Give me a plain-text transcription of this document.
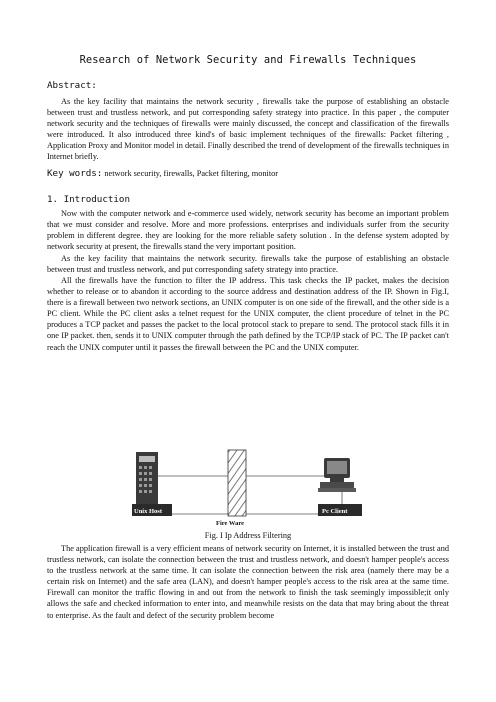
Research of Network Security and Firewalls Techniques
Abstract:

As the key facility that maintains the network security , firewalls take the purpose of establishing an obstacle between trust and trustless network, and put corresponding safety strategy into practice. In this paper , the computer network security and the techniques of firewalls were mainly discussed, the concept and classification of the firewalls were introduced. It also introduced three kind's of basic implement techniques of the firewalls: Packet filtering , Application Proxy and Monitor model in detail. Finally described the trend of development of the firewalls techniques in Internet briefly.

Key words: network security, firewalls, Packet filtering, monitor
1. Introduction

Now with the computer network and e-commerce used widely, network security has become an important problem that we must consider and resolve. More and more professions. enterprises and individuals surfer from the security problem in different degree. they are looking for the more reliable safety solution . In the defense system adopted by network security at present, the firewalls stand the very important position.

As the key facility that maintains the network security. firewalls take the purpose of establishing an obstacle between trust and trustless network, and put corresponding safety strategy into practice.

All the firewalls have the function to filter the IP address. This task checks the IP packet, makes the decision whether to release or to abandon it according to the source address and destination address of the IP. Shown in Fig.I, there is a firewall between two network sections, an UNIX computer is on one side of the firewall, and the other side is a PC client. While the PC client asks a telnet request for the UNIX computer, the client procedure of telnet in the PC produces a TCP packet and passes the packet to the local protocol stack to prepare to send. The protocol stack fills it in one IP packet. then, sends it to UNIX computer through the path defined by the TCP/IP stack of PC. The IP packet can't reach the UNIX computer until it passes the firewall between the PC and the UNIX computer.

Unix Host
Fire Ware
Pc Client
Fig. I Ip Address Filtering

The application firewall is a very efficient means of network security on Internet, it is installed between the trust and trustless network, can isolate the connection between the trust and trustless network, and doesn't hamper people's access to the trustless network at the same time. It can isolate the connection between the risk area (namely there may be a certain risk on Internet) and the safe area (LAN), and doesn't hamper people's access to the risk area at the same time. Firewall can monitor the traffic flowing in and out from the network to finish the task seemingly impossible;it only allows the safe and checked information to enter into, and meanwhile resists on the data that may bring about the threat to enterprise. As the fault and defect of the security problem become
